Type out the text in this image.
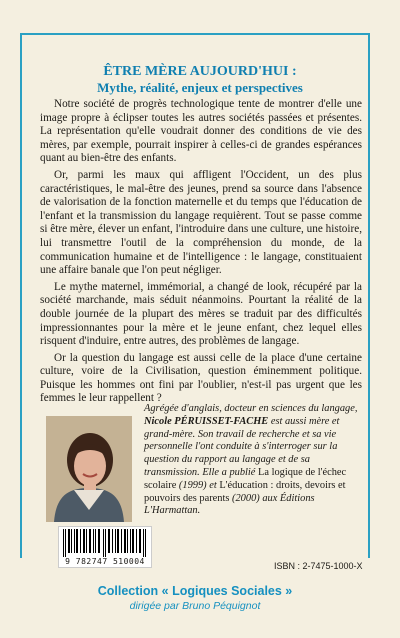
ÊTRE MÈRE AUJOURD'HUI :
Mythe, réalité, enjeux et perspectives

Notre société de progrès technologique tente de montrer d'elle une image propre à éclipser toutes les autres sociétés passées et présentes. La représentation qu'elle voudrait donner des conditions de vie des mères, par exemple, pourrait inspirer à celles-ci de grandes espérances quant au bien-être des enfants.

Or, parmi les maux qui affligent l'Occident, un des plus caractéristiques, le mal-être des jeunes, prend sa source dans l'absence de valorisation de la fonction maternelle et du temps que l'éducation de l'enfant et la transmission du langage requièrent. Tout se passe comme si être mère, élever un enfant, l'introduire dans une culture, une histoire, lui transmettre l'outil de la compréhension du monde, de la communication humaine et de l'intelligence : le langage, constituaient une affaire banale que l'on peut négliger.

Le mythe maternel, immémorial, a changé de look, récupéré par la société marchande, mais séduit néanmoins. Pourtant la réalité de la double journée de la plupart des mères se traduit par des difficultés impressionnantes pour la mère et le jeune enfant, chez lequel elles risquent d'induire, entre autres, des problèmes de langage.

Or la question du langage est aussi celle de la place d'une certaine culture, voire de la Civilisation, question éminemment politique. Puisque les hommes ont fini par l'oublier, n'est-il pas urgent que les femmes le leur rappellent ?

Agrégée d'anglais, docteur en sciences du langage, Nicole PÉRUISSET-FACHE est aussi mère et grand-mère. Son travail de recherche et sa vie personnelle l'ont conduite à s'interroger sur la question du rapport au langage et de sa transmission. Elle a publié La logique de l'échec scolaire (1999) et L'éducation : droits, devoirs et pouvoirs des parents (2000) aux Éditions L'Harmattan.
9 782747 510004	ISBN : 2-7475-1000-X
Collection « Logiques Sociales »
dirigée par Bruno Péquignot
